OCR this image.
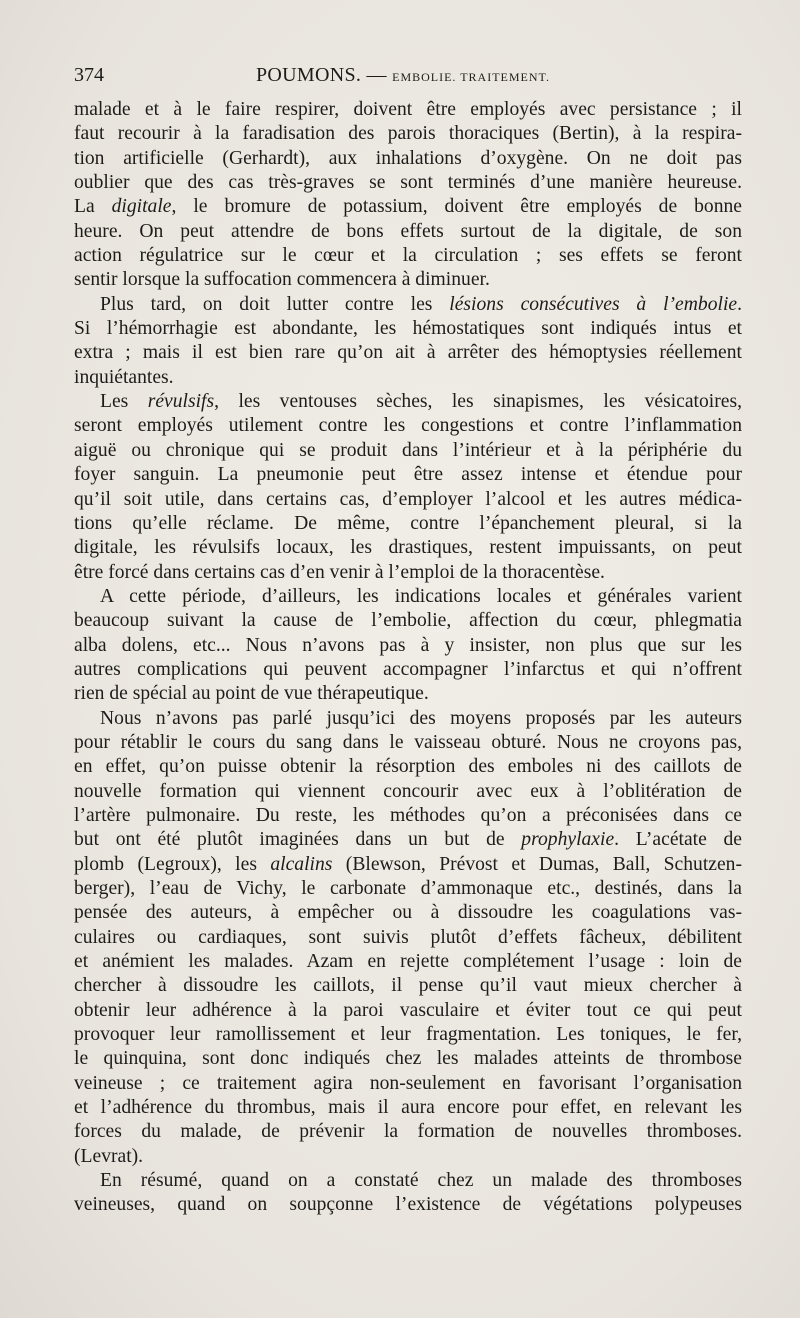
374	POUMONS. — EMBOLIE. TRAITEMENT.
malade et à le faire respirer, doivent être employés avec persistance ; il
faut recourir à la faradisation des parois thoraciques (Bertin), à la respira-
tion artificielle (Gerhardt), aux inhalations d’oxygène. On ne doit pas
oublier que des cas très-graves se sont terminés d’une manière heureuse.
La digitale, le bromure de potassium, doivent être employés de bonne
heure. On peut attendre de bons effets surtout de la digitale, de son
action régulatrice sur le cœur et la circulation ; ses effets se feront
sentir lorsque la suffocation commencera à diminuer.
Plus tard, on doit lutter contre les lésions consécutives à l’embolie.
Si l’hémorrhagie est abondante, les hémostatiques sont indiqués intus et
extra ; mais il est bien rare qu’on ait à arrêter des hémoptysies réellement
inquiétantes.
Les révulsifs, les ventouses sèches, les sinapismes, les vésicatoires,
seront employés utilement contre les congestions et contre l’inflammation
aiguë ou chronique qui se produit dans l’intérieur et à la périphérie du
foyer sanguin. La pneumonie peut être assez intense et étendue pour
qu’il soit utile, dans certains cas, d’employer l’alcool et les autres médica-
tions qu’elle réclame. De même, contre l’épanchement pleural, si la
digitale, les révulsifs locaux, les drastiques, restent impuissants, on peut
être forcé dans certains cas d’en venir à l’emploi de la thoracentèse.
A cette période, d’ailleurs, les indications locales et générales varient
beaucoup suivant la cause de l’embolie, affection du cœur, phlegmatia
alba dolens, etc... Nous n’avons pas à y insister, non plus que sur les
autres complications qui peuvent accompagner l’infarctus et qui n’offrent
rien de spécial au point de vue thérapeutique.
Nous n’avons pas parlé jusqu’ici des moyens proposés par les auteurs
pour rétablir le cours du sang dans le vaisseau obturé. Nous ne croyons pas,
en effet, qu’on puisse obtenir la résorption des emboles ni des caillots de
nouvelle formation qui viennent concourir avec eux à l’oblitération de
l’artère pulmonaire. Du reste, les méthodes qu’on a préconisées dans ce
but ont été plutôt imaginées dans un but de prophylaxie. L’acétate de
plomb (Legroux), les alcalins (Blewson, Prévost et Dumas, Ball, Schutzen-
berger), l’eau de Vichy, le carbonate d’ammonaque etc., destinés, dans la
pensée des auteurs, à empêcher ou à dissoudre les coagulations vas-
culaires ou cardiaques, sont suivis plutôt d’effets fâcheux, débilitent
et anémient les malades. Azam en rejette complétement l’usage : loin de
chercher à dissoudre les caillots, il pense qu’il vaut mieux chercher à
obtenir leur adhérence à la paroi vasculaire et éviter tout ce qui peut
provoquer leur ramollissement et leur fragmentation. Les toniques, le fer,
le quinquina, sont donc indiqués chez les malades atteints de thrombose
veineuse ; ce traitement agira non-seulement en favorisant l’organisation
et l’adhérence du thrombus, mais il aura encore pour effet, en relevant les
forces du malade, de prévenir la formation de nouvelles thromboses.
(Levrat).
En résumé, quand on a constaté chez un malade des thromboses
veineuses, quand on soupçonne l’existence de végétations polypeuses
